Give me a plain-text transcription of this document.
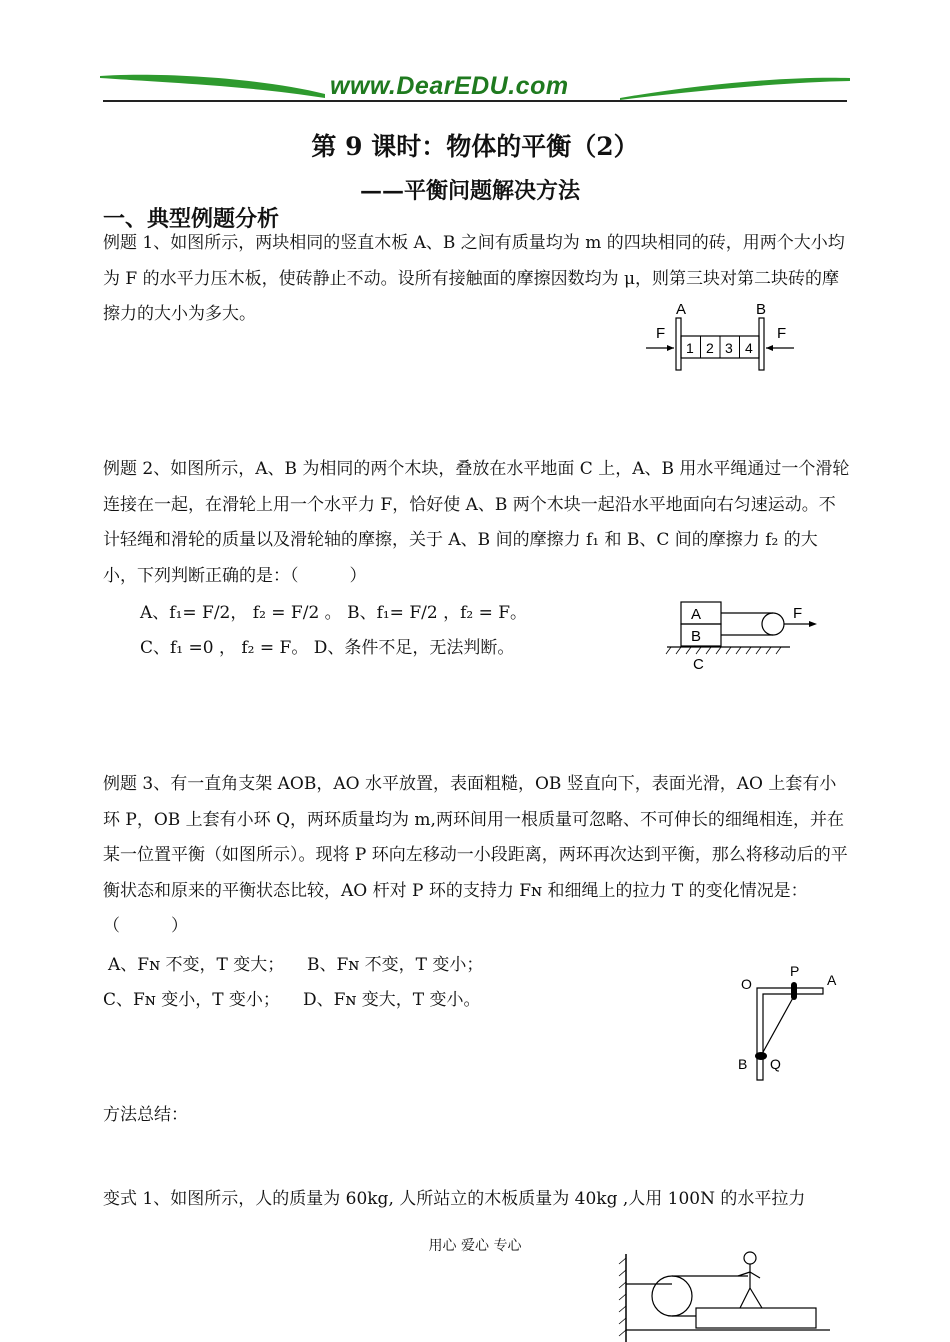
www.DearEDU.com
第 9 课时：物体的平衡（2）
——平衡问题解决方法
一、典型例题分析
例题 1、如图所示，两块相同的竖直木板 A、B 之间有质量均为 m 的四块相同的砖，用两个大小均为 F 的水平力压木板，使砖静止不动。设所有接触面的摩擦因数均为 μ，则第三块对第二块砖的摩擦力的大小为多大。	A	B
F	F
1 2 3 4
例题 2、如图所示，A、B 为相同的两个木块，叠放在水平地面 C 上，A、B 用水平绳通过一个滑轮连接在一起，在滑轮上用一个水平力 F，恰好使 A、B 两个木块一起沿水平地面向右匀速运动。不计轻绳和滑轮的质量以及滑轮轴的摩擦，关于 A、B 间的摩擦力 f₁ 和 B、C 间的摩擦力 f₂ 的大小，下列判断正确的是：（　　　）
A、f₁= F/2， f₂ = F/2 。 B、f₁= F/2 ，f₂ = F。
C、f₁ =0 ， f₂ = F。 D、条件不足，无法判断。
A
B
F
C
例题 3、有一直角支架 AOB，AO 水平放置，表面粗糙，OB 竖直向下，表面光滑，AO 上套有小环 P，OB 上套有小环 Q，两环质量均为 m,两环间用一根质量可忽略、不可伸长的细绳相连，并在某一位置平衡（如图所示）。现将 P 环向左移动一小段距离，两环再次达到平衡，那么将移动后的平衡状态和原来的平衡状态比较，AO 杆对 P 环的支持力 Fɴ 和细绳上的拉力 T 的变化情况是：（　　　）
A、Fɴ 不变，T 变大； B、Fɴ 不变，T 变小；
C、Fɴ 变小，T 变小； D、Fɴ 变大，T 变小。
O
P
A
B Q
方法总结：
变式 1、如图所示，人的质量为 60kg, 人所站立的木板质量为 40kg ,人用 100N 的水平拉力
用心 爱心 专心
